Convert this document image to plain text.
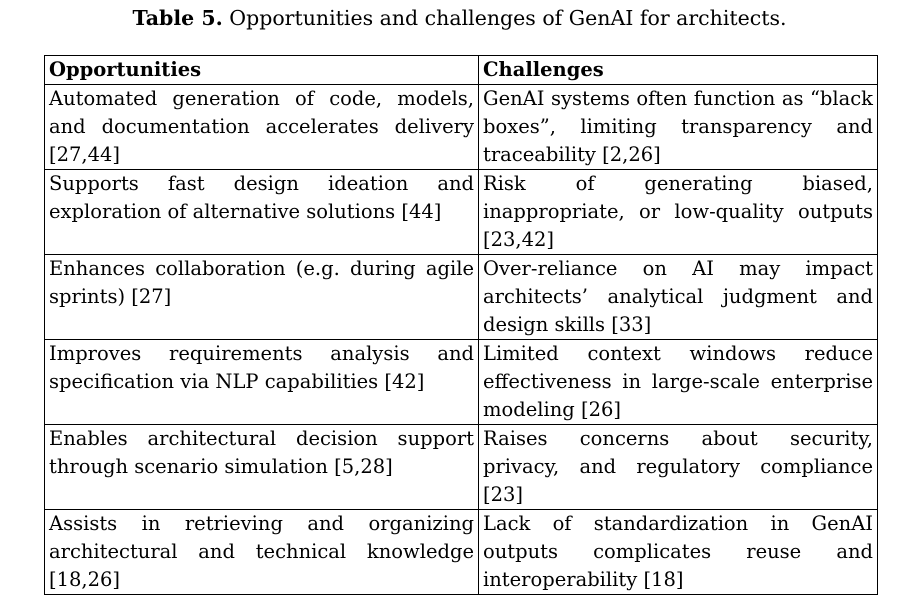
Table 5. Opportunities and challenges of GenAI for architects.
Opportunities	Challenges

Automated generation of code, models, and documentation accelerates delivery [27,44]	GenAI systems often function as “black boxes”, limiting transparency and traceability [2,26]

Supports fast design ideation and exploration of alternative solutions [44]	Risk of generating biased, inappropriate, or low-quality outputs [23,42]

Enhances collaboration (e.g. during agile sprints) [27]	Over-reliance on AI may impact architects’ analytical judgment and design skills [33]

Improves requirements analysis and specification via NLP capabilities [42]	Limited context windows reduce effectiveness in large-scale enterprise modeling [26]

Enables architectural decision support through scenario simulation [5,28]	Raises concerns about security, privacy, and regulatory compliance [23]

Assists in retrieving and organizing architectural and technical knowledge [18,26]	Lack of standardization in GenAI outputs complicates reuse and interoperability [18]
